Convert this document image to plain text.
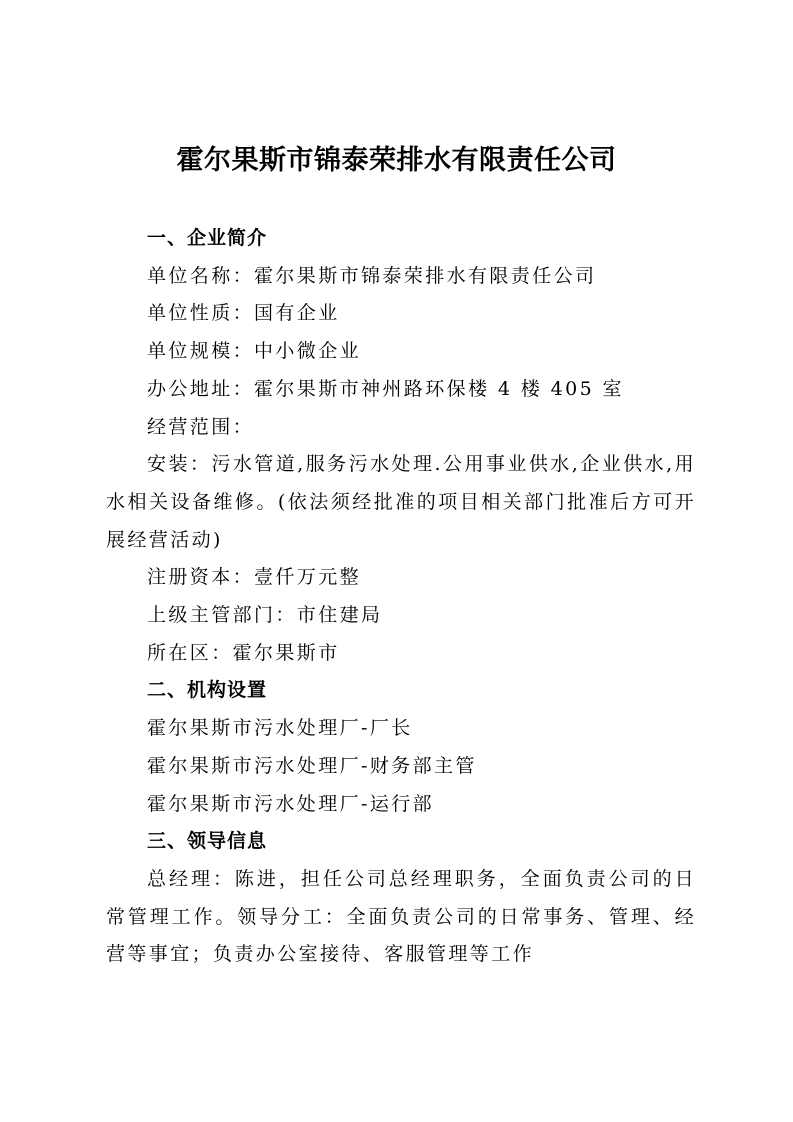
霍尔果斯市锦泰荣排水有限责任公司
一、企业简介
单位名称：霍尔果斯市锦泰荣排水有限责任公司
单位性质：国有企业
单位规模：中小微企业
办公地址：霍尔果斯市神州路环保楼 4 楼 405 室
经营范围：
安装：污水管道,服务污水处理.公用事业供水,企业供水,用水相关设备维修。(依法须经批准的项目相关部门批准后方可开展经营活动)
注册资本：壹仟万元整
上级主管部门：市住建局
所在区：霍尔果斯市
二、机构设置
霍尔果斯市污水处理厂-厂长
霍尔果斯市污水处理厂-财务部主管
霍尔果斯市污水处理厂-运行部
三、领导信息
总经理：陈进，担任公司总经理职务，全面负责公司的日常管理工作。领导分工：全面负责公司的日常事务、管理、经营等事宜；负责办公室接待、客服管理等工作
